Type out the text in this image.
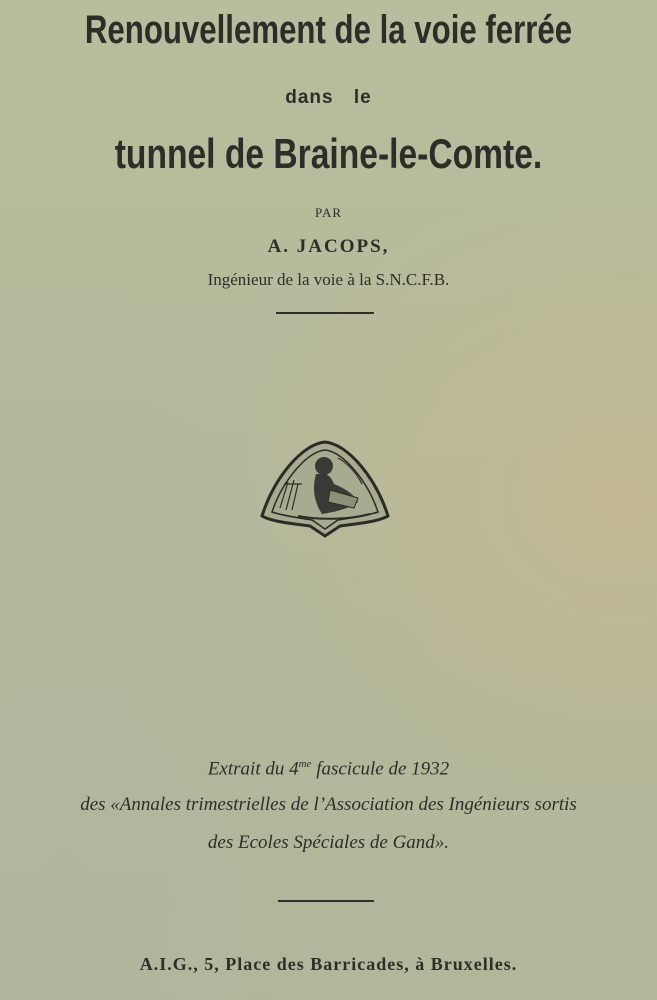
Renouvellement de la voie ferrée
dans le
tunnel de Braine-le-Comte.
PAR
A. JACOPS,
Ingénieur de la voie à la S.N.C.F.B.
Extrait du $4^{me}$ fascicule de 1932
des «Annales trimestrielles de l’Association des Ingénieurs sortis
des Ecoles Spéciales de Gand».
A.I.G., 5, Place des Barricades, à Bruxelles.
